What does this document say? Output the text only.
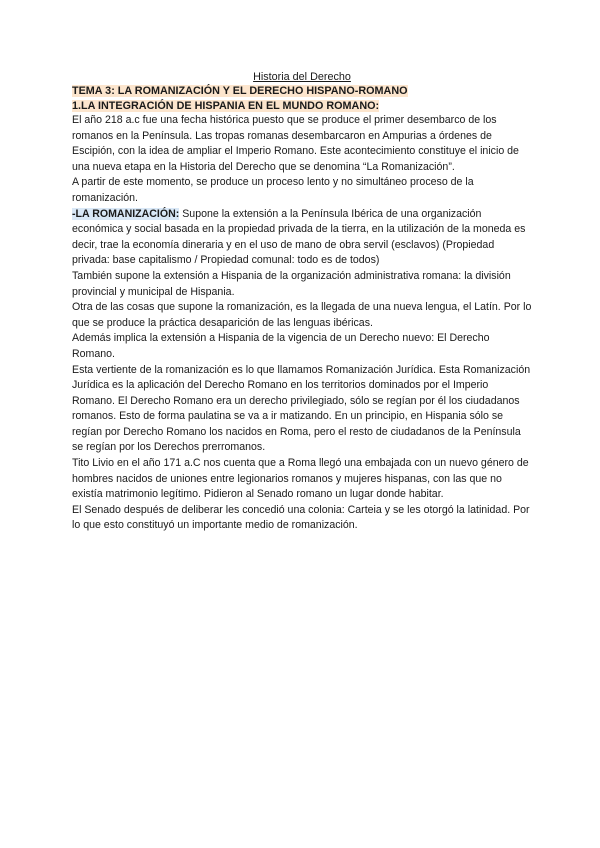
Historia del Derecho

TEMA 3: LA ROMANIZACIÓN Y EL DERECHO HISPANO-ROMANO

1.LA INTEGRACIÓN DE HISPANIA EN EL MUNDO ROMANO:

El año 218 a.c fue una fecha histórica puesto que se produce el primer desembarco de los romanos en la Península. Las tropas romanas desembarcaron en Ampurias a órdenes de Escipión, con la idea de ampliar el Imperio Romano. Este acontecimiento constituye el inicio de una nueva etapa en la Historia del Derecho que se denomina “La Romanización”.

A partir de este momento, se produce un proceso lento y no simultáneo proceso de la romanización.

-LA ROMANIZACIÓN: Supone la extensión a la Península Ibérica de una organización económica y social basada en la propiedad privada de la tierra, en la utilización de la moneda es decir, trae la economía dineraria y en el uso de mano de obra servil (esclavos) (Propiedad privada: base capitalismo / Propiedad comunal: todo es de todos)

También supone la extensión a Hispania de la organización administrativa romana: la división provincial y municipal de Hispania.

Otra de las cosas que supone la romanización, es la llegada de una nueva lengua, el Latín. Por lo que se produce la práctica desaparición de las lenguas ibéricas.

Además implica la extensión a Hispania de la vigencia de un Derecho nuevo: El Derecho Romano.

Esta vertiente de la romanización es lo que llamamos Romanización Jurídica. Esta Romanización Jurídica es la aplicación del Derecho Romano en los territorios dominados por el Imperio Romano. El Derecho Romano era un derecho privilegiado, sólo se regían por él los ciudadanos romanos. Esto de forma paulatina se va a ir matizando. En un principio, en Hispania sólo se regían por Derecho Romano los nacidos en Roma, pero el resto de ciudadanos de la Península se regían por los Derechos prerromanos.

Tito Livio en el año 171 a.C nos cuenta que a Roma llegó una embajada con un nuevo género de hombres nacidos de uniones entre legionarios romanos y mujeres hispanas, con las que no existía matrimonio legítimo. Pidieron al Senado romano un lugar donde habitar.

El Senado después de deliberar les concedió una colonia: Carteia y se les otorgó la latinidad. Por lo que esto constituyó un importante medio de romanización.
